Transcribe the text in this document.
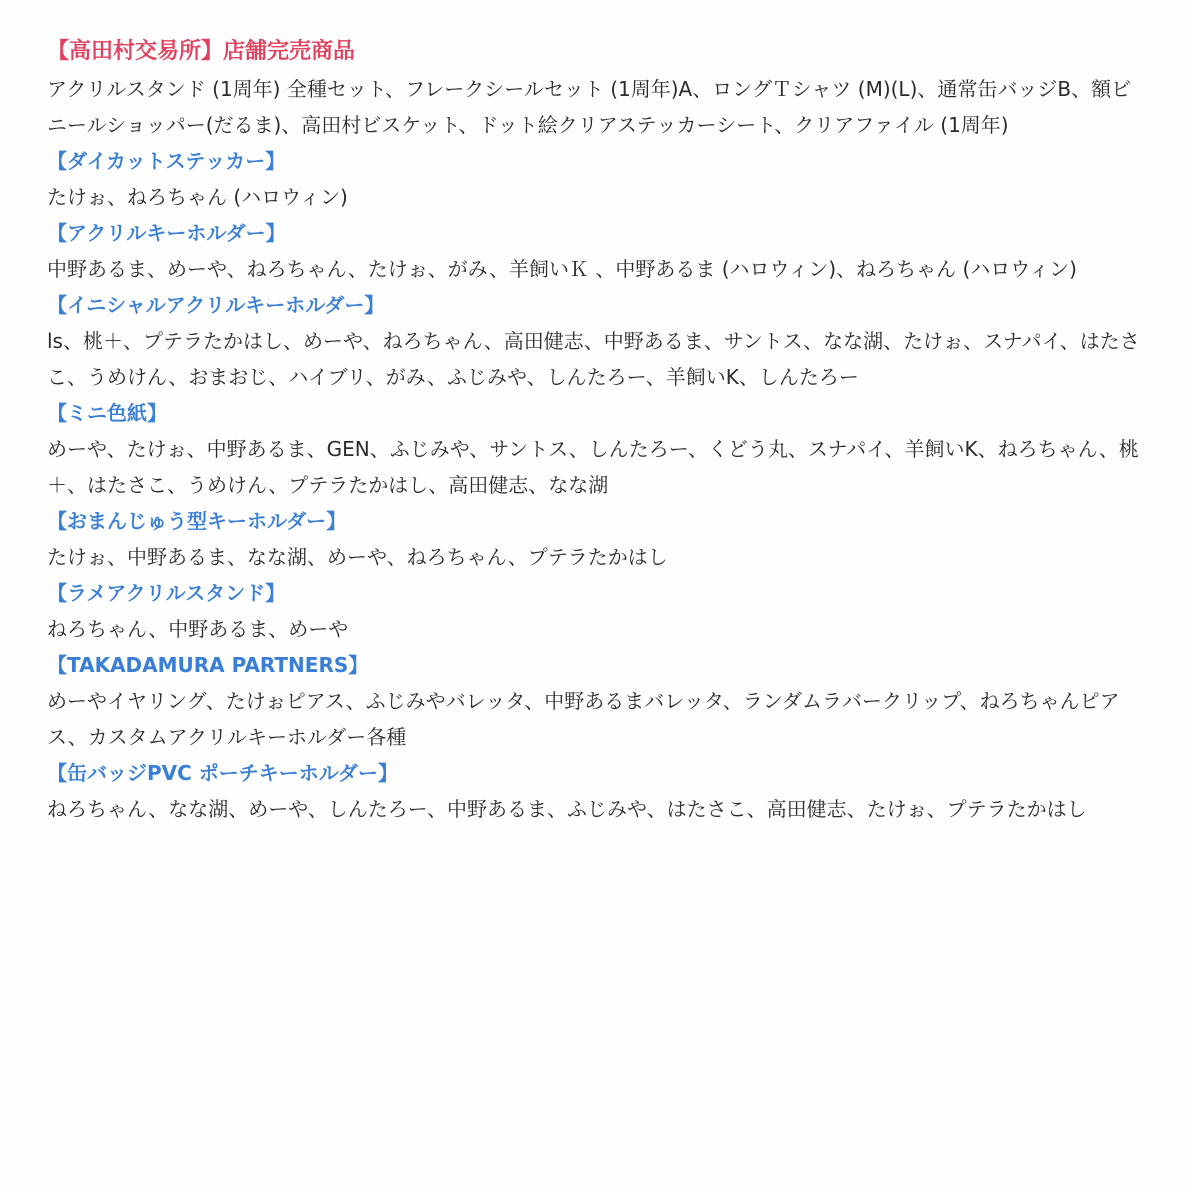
【高田村交易所】店舗完売商品

アクリルスタンド (1周年) 全種セット、フレークシールセット (1周年)A、ロングＴシャツ (M)(L)、通常缶バッジB、額ビニールショッパー(だるま)、高田村ビスケット、ドット絵クリアステッカーシート、クリアファイル (1周年)

【ダイカットステッカー】

たけぉ、ねろちゃん (ハロウィン)

【アクリルキーホルダー】

中野あるま、めーや、ねろちゃん、たけぉ、がみ、羊飼いＫ 、中野あるま (ハロウィン)、ねろちゃん (ハロウィン)

【イニシャルアクリルキーホルダー】

ls、桃＋、プテラたかはし、めーや、ねろちゃん、高田健志、中野あるま、サントス、なな湖、たけぉ、スナパイ、はたさこ、うめけん、おまおじ、ハイブリ、がみ、ふじみや、しんたろー、羊飼いK、しんたろー

【ミニ色紙】

めーや、たけぉ、中野あるま、GEN、ふじみや、サントス、しんたろー、くどう丸、スナパイ、羊飼いK、ねろちゃん、桃＋、はたさこ、うめけん、プテラたかはし、高田健志、なな湖

【おまんじゅう型キーホルダー】

たけぉ、中野あるま、なな湖、めーや、ねろちゃん、プテラたかはし

【ラメアクリルスタンド】

ねろちゃん、中野あるま、めーや

【TAKADAMURA PARTNERS】

めーやイヤリング、たけぉピアス、ふじみやバレッタ、中野あるまバレッタ、ランダムラバークリップ、ねろちゃんピアス、カスタムアクリルキーホルダー各種

【缶バッジPVC ポーチキーホルダー】

ねろちゃん、なな湖、めーや、しんたろー、中野あるま、ふじみや、はたさこ、高田健志、たけぉ、プテラたかはし
